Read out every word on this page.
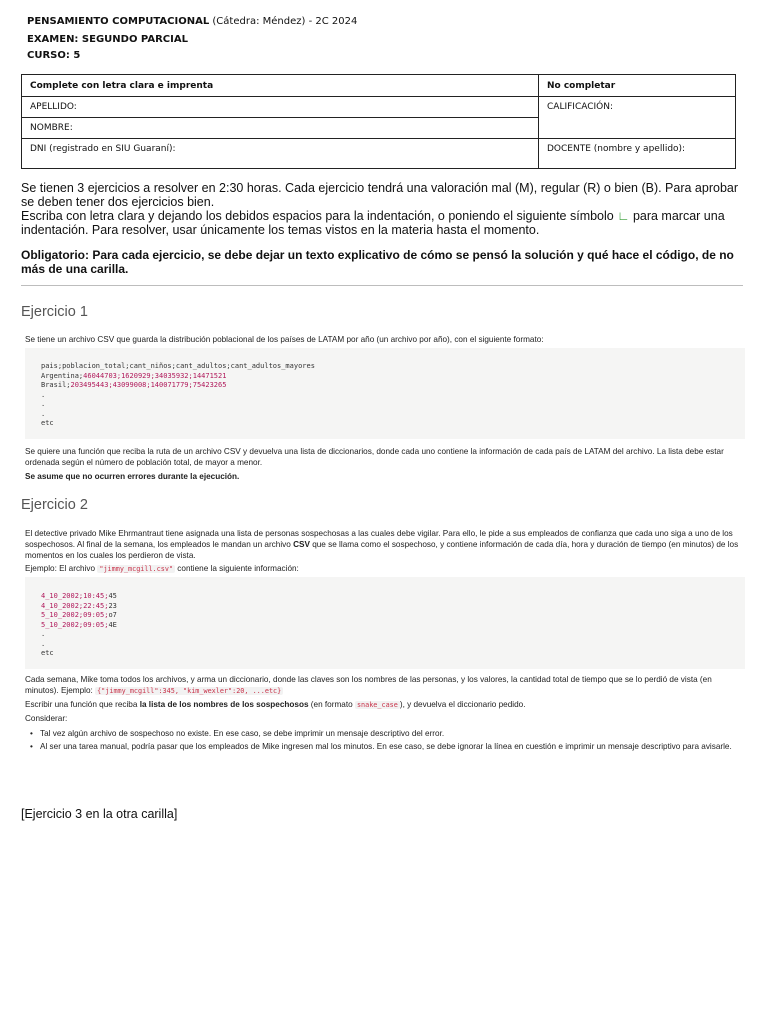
PENSAMIENTO COMPUTACIONAL (Cátedra: Méndez) - 2C 2024
EXAMEN: SEGUNDO PARCIAL
CURSO: 5
Complete con letra clara e imprenta	No completar
APELLIDO:	CALIFICACIÓN:
NOMBRE:	
DNI (registrado en SIU Guaraní):	DOCENTE (nombre y apellido):
Se tienen 3 ejercicios a resolver en 2:30 horas. Cada ejercicio tendrá una valoración mal (M), regular (R) o bien (B). Para aprobar se deben tener dos ejercicios bien.
Escriba con letra clara y dejando los debidos espacios para la indentación, o poniendo el siguiente símbolo ∟ para marcar una indentación. Para resolver, usar únicamente los temas vistos en la materia hasta el momento.
Obligatorio: Para cada ejercicio, se debe dejar un texto explicativo de cómo se pensó la solución y qué hace el código, de no más de una carilla.
Ejercicio 1
Se tiene un archivo CSV que guarda la distribución poblacional de los países de LATAM por año (un archivo por año), con el siguiente formato:
pais;poblacion_total;cant_niños;cant_adultos;cant_adultos_mayores
Argentina;46044703;1620929;34035932;14471521
Brasil;203495443;43099008;140071779;75423265
.
.
.
etc
Se quiere una función que reciba la ruta de un archivo CSV y devuelva una lista de diccionarios, donde cada uno contiene la información de cada país de LATAM del archivo. La lista debe estar ordenada según el número de población total, de mayor a menor.
Se asume que no ocurren errores durante la ejecución.
Ejercicio 2
El detective privado Mike Ehrmantraut tiene asignada una lista de personas sospechosas a las cuales debe vigilar. Para ello, le pide a sus empleados de confianza que cada uno siga a uno de los sospechosos. Al final de la semana, los empleados le mandan un archivo CSV que se llama como el sospechoso, y contiene información de cada día, hora y duración de tiempo (en minutos) de los momentos en los cuales los perdieron de vista.
Ejemplo: El archivo "jimmy_mcgill.csv" contiene la siguiente información:
4_10_2002;10:45;45
4_10_2002;22:45;23
5_10_2002;09:05;o7
5_10_2002;09:05;4E
.
.
etc
Cada semana, Mike toma todos los archivos, y arma un diccionario, donde las claves son los nombres de las personas, y los valores, la cantidad total de tiempo que se lo perdió de vista (en minutos). Ejemplo: {"jimmy_mcgill":345, "kim_wexler":20, ...etc}
Escribir una función que reciba la lista de los nombres de los sospechosos (en formato snake_case ), y devuelva el diccionario pedido.
Considerar:
• Tal vez algún archivo de sospechoso no existe. En ese caso, se debe imprimir un mensaje descriptivo del error.
• Al ser una tarea manual, podría pasar que los empleados de Mike ingresen mal los minutos. En ese caso, se debe ignorar la línea en cuestión e imprimir un mensaje descriptivo para avisarle.
[Ejercicio 3 en la otra carilla]
